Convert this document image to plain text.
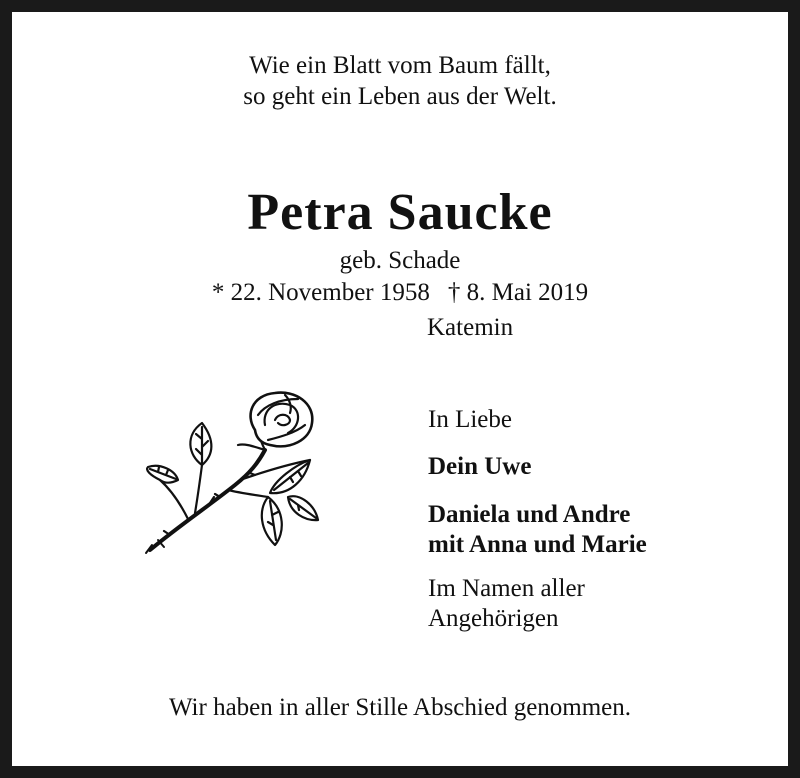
Wie ein Blatt vom Baum fällt,
so geht ein Leben aus der Welt.
Petra Saucke
geb. Schade
* 22. November 1958 † 8. Mai 2019
Katemin
In Liebe
Dein Uwe
Daniela und Andre
mit Anna und Marie
Im Namen aller
Angehörigen
Wir haben in aller Stille Abschied genommen.
